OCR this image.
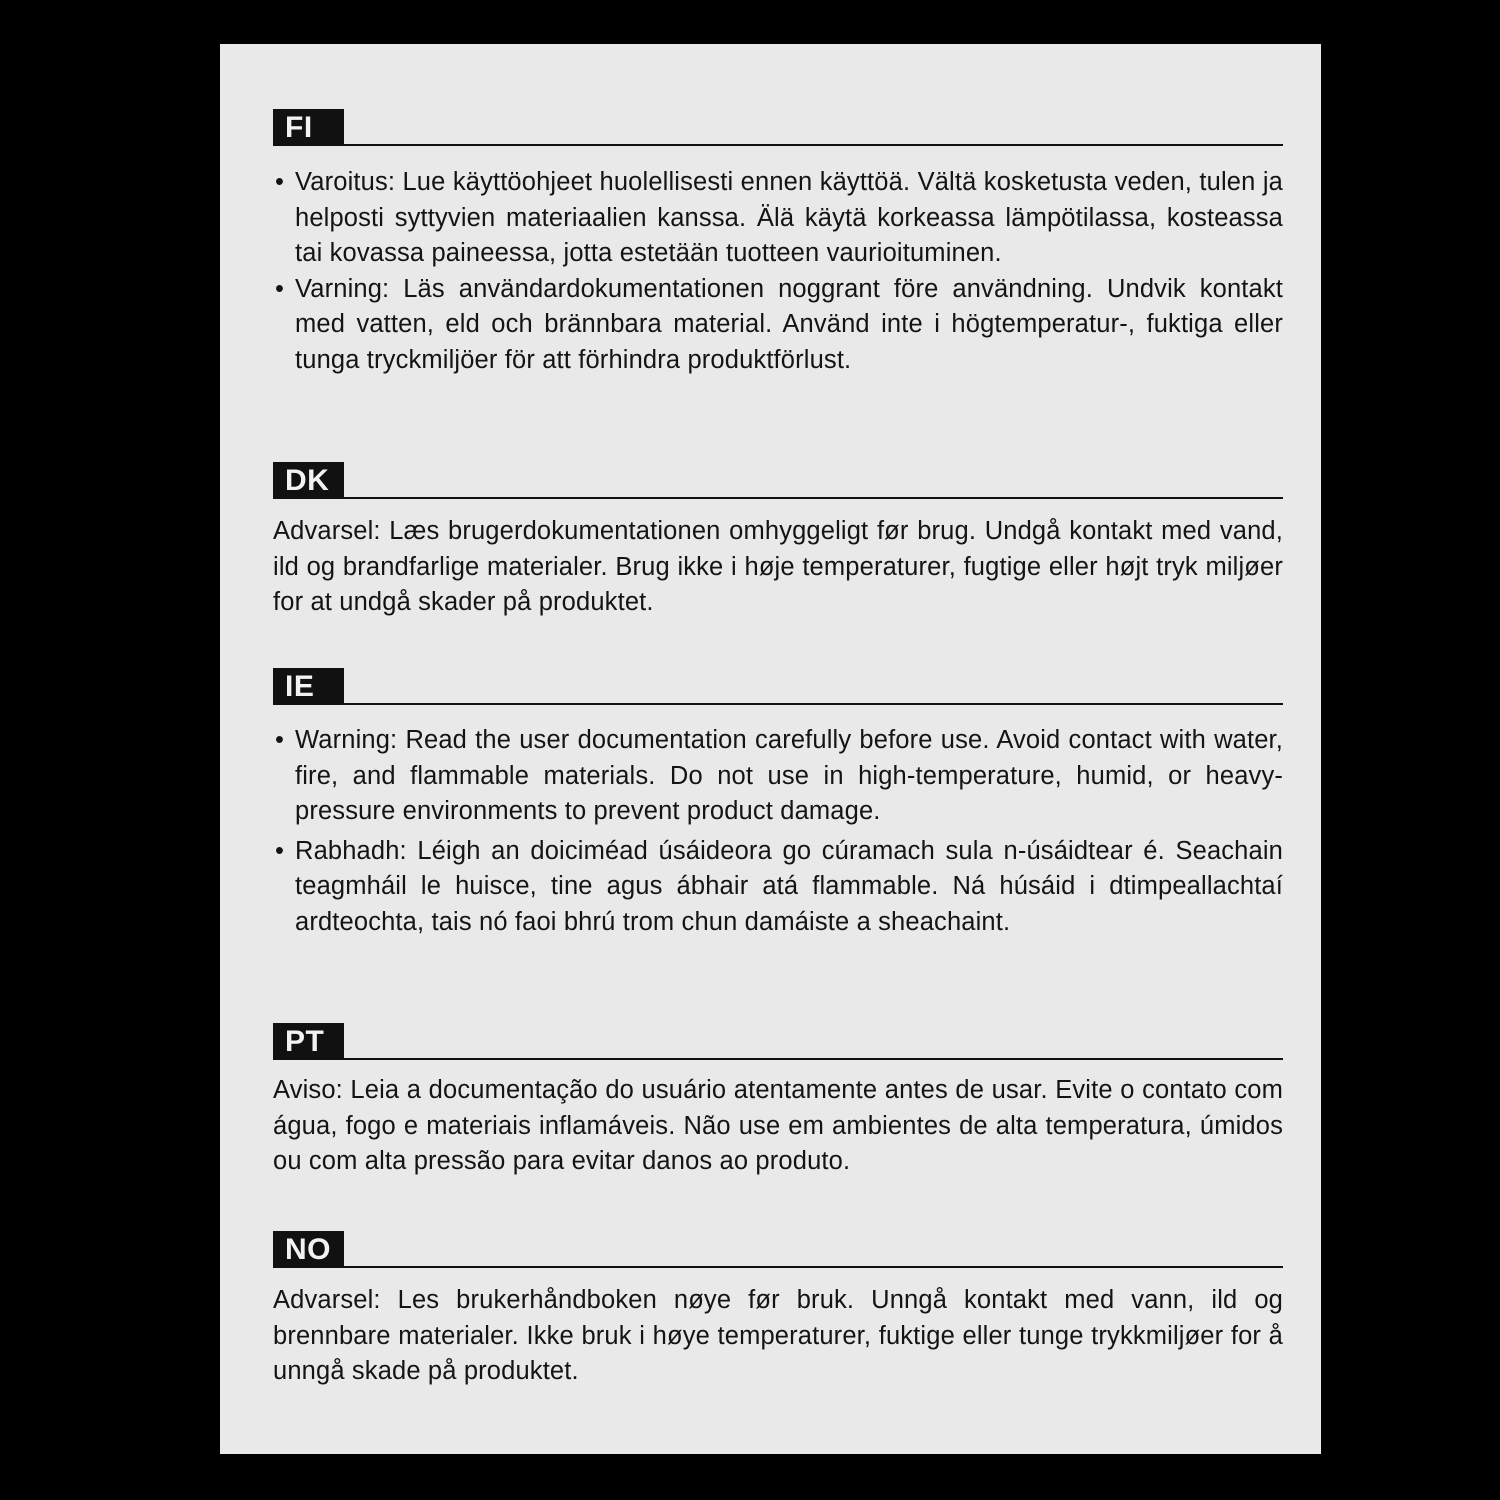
FI
• Varoitus: Lue käyttöohjeet huolellisesti ennen käyttöä. Vältä kosketusta veden, tulen ja helposti syttyvien materiaalien kanssa. Älä käytä korkeassa lämpötilassa, kosteassa tai kovassa paineessa, jotta estetään tuotteen vaurioituminen.

• Varning: Läs användardokumentationen noggrant före användning. Undvik kontakt med vatten, eld och brännbara material. Använd inte i högtemperatur-, fuktiga eller tunga tryckmiljöer för att förhindra produktförlust.

DK

Advarsel: Læs brugerdokumentationen omhyggeligt før brug. Undgå kontakt med vand, ild og brandfarlige materialer. Brug ikke i høje temperaturer, fugtige eller højt tryk miljøer for at undgå skader på produktet.

IE
• Warning: Read the user documentation carefully before use. Avoid contact with water, fire, and flammable materials. Do not use in high-temperature, humid, or heavy-pressure environments to prevent product damage.

• Rabhadh: Léigh an doiciméad úsáideora go cúramach sula n-úsáidtear é. Seachain teagmháil le huisce, tine agus ábhair atá flammable. Ná húsáid i dtimpeallachtaí ardteochta, tais nó faoi bhrú trom chun damáiste a sheachaint.

PT

Aviso: Leia a documentação do usuário atentamente antes de usar. Evite o contato com água, fogo e materiais inflamáveis. Não use em ambientes de alta temperatura, úmidos ou com alta pressão para evitar danos ao produto.

NO

Advarsel: Les brukerhåndboken nøye før bruk. Unngå kontakt med vann, ild og brennbare materialer. Ikke bruk i høye temperaturer, fuktige eller tunge trykkmiljøer for å unngå skade på produktet.
